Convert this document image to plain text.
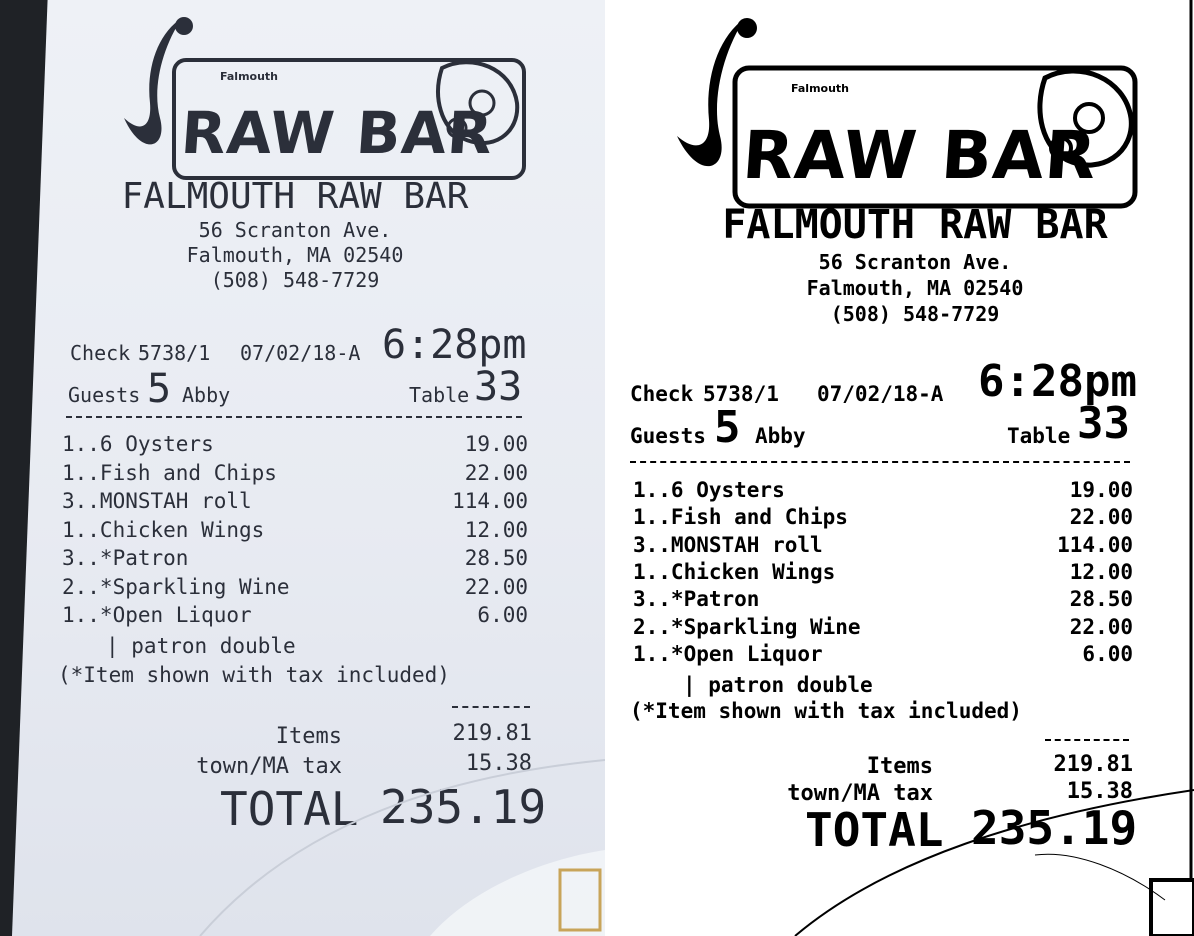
Falmouth
RAW BAR
FALMOUTH RAW BAR
56 Scranton Ave.
Falmouth, MA 02540
(508) 548-7729
Check 5738/1 07/02/18-A 6:28pm
Guests 5 Abby	Table 33
1..6 Oysters	19.00
1..Fish and Chips	22.00
3..MONSTAH roll	114.00
1..Chicken Wings	12.00
3..*Patron	28.50
2..*Sparkling Wine	22.00
1..*Open Liquor	6.00
| patron double
(*Item shown with tax included)
Items	219.81
town/MA tax	15.38
TOTAL 235.19
Falmouth
RAW BAR
FALMOUTH RAW BAR
56 Scranton Ave.
Falmouth, MA 02540
(508) 548-7729
Check 5738/1 07/02/18-A 6:28pm
Guests 5 Abby	Table 33
1..6 Oysters	19.00
1..Fish and Chips	22.00
3..MONSTAH roll	114.00
1..Chicken Wings	12.00
3..*Patron	28.50
2..*Sparkling Wine	22.00
1..*Open Liquor	6.00
| patron double
(*Item shown with tax included)
Items	219.81
town/MA tax	15.38
TOTAL 235.19
